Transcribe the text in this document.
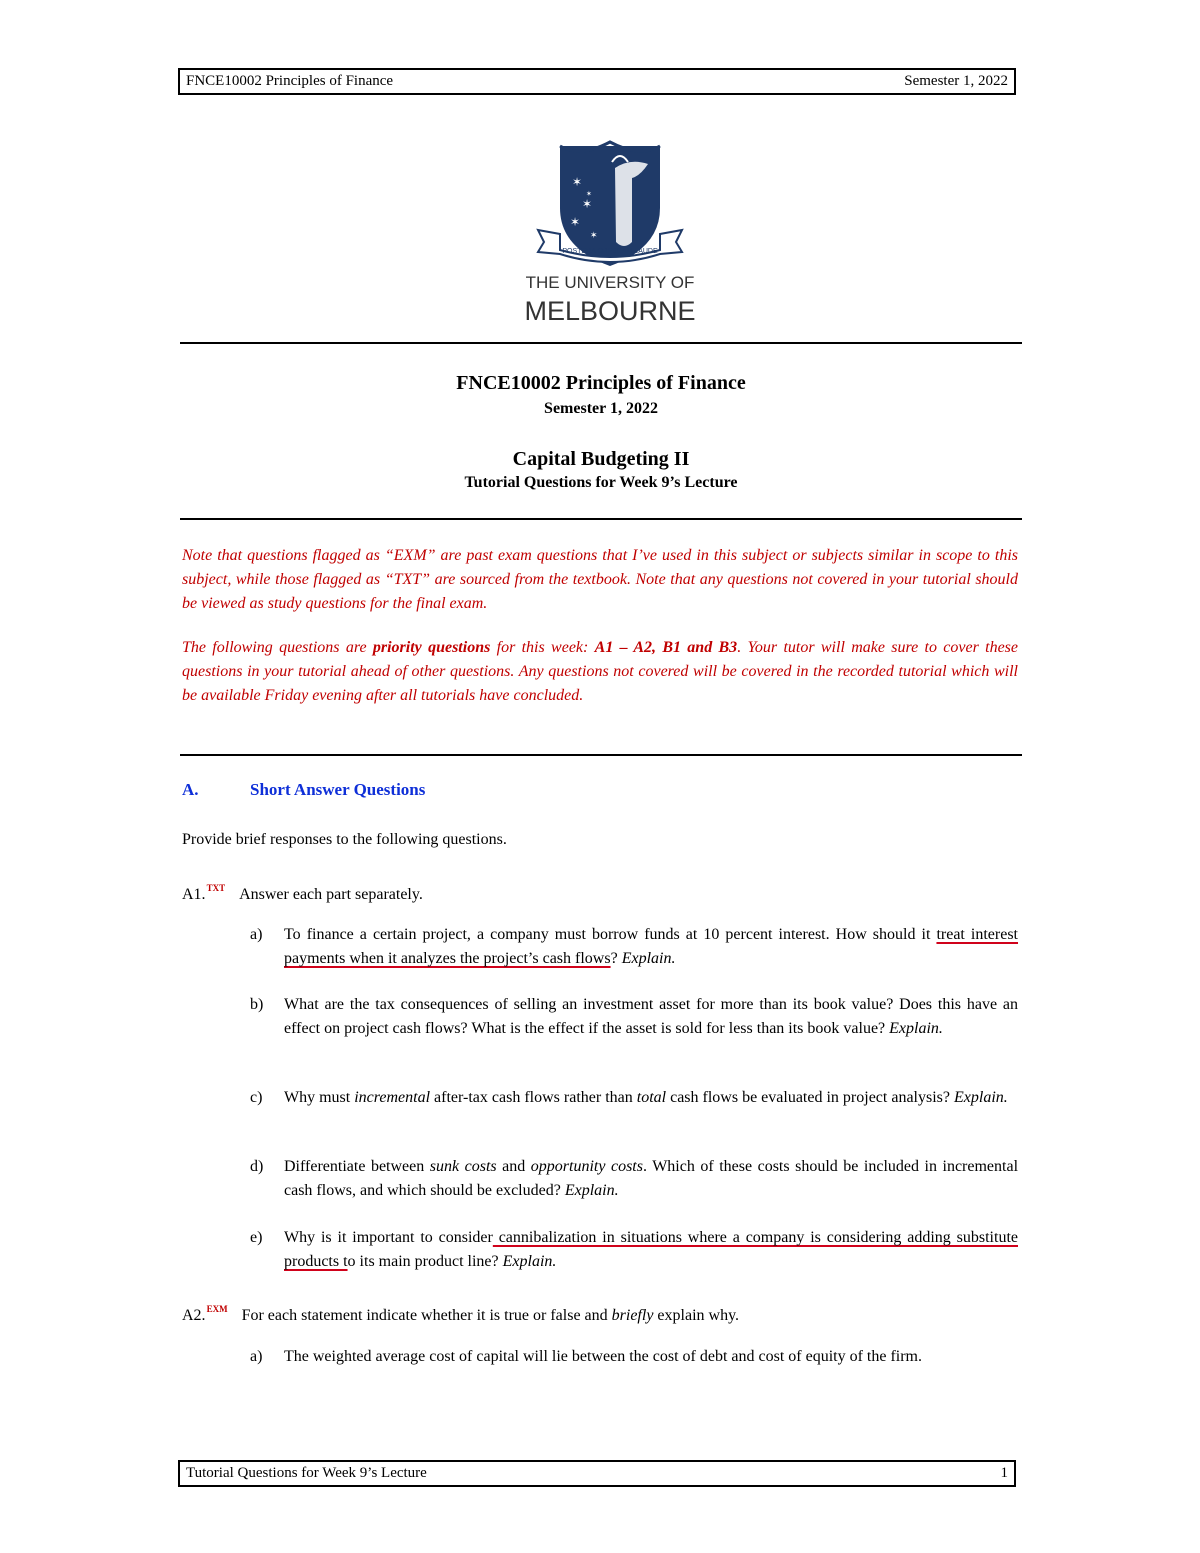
FNCE10002 Principles of Finance	Semester 1, 2022
✶
✶
✶
✶
✶
POSTERA CRESCAM LAUDE
THE UNIVERSITY OF
MELBOURNE
FNCE10002 Principles of Finance
Semester 1, 2022
Capital Budgeting II
Tutorial Questions for Week 9’s Lecture
Note that questions flagged as “EXM” are past exam questions that I’ve used in this subject or subjects similar in scope to this subject, while those flagged as “TXT” are sourced from the textbook. Note that any questions not covered in your tutorial should be viewed as study questions for the final exam.
The following questions are priority questions for this week: A1 – A2, B1 and B3. Your tutor will make sure to cover these questions in your tutorial ahead of other questions. Any questions not covered will be covered in the recorded tutorial which will be available Friday evening after all tutorials have concluded.
A.	Short Answer Questions
Provide brief responses to the following questions.
A1.$^{TXT}$ Answer each part separately.
a)	To finance a certain project, a company must borrow funds at 10 percent interest. How should it treat interest payments when it analyzes the project’s cash flows? Explain.
b)	What are the tax consequences of selling an investment asset for more than its book value? Does this have an effect on project cash flows? What is the effect if the asset is sold for less than its book value? Explain.
c)	Why must incremental after-tax cash flows rather than total cash flows be evaluated in project analysis? Explain.
d)	Differentiate between sunk costs and opportunity costs. Which of these costs should be included in incremental cash flows, and which should be excluded? Explain.
e)	Why is it important to consider cannibalization in situations where a company is considering adding substitute products to its main product line? Explain.
A2.$^{EXM}$ For each statement indicate whether it is true or false and briefly explain why.
a)	The weighted average cost of capital will lie between the cost of debt and cost of equity of the firm.
Tutorial Questions for Week 9’s Lecture	1
